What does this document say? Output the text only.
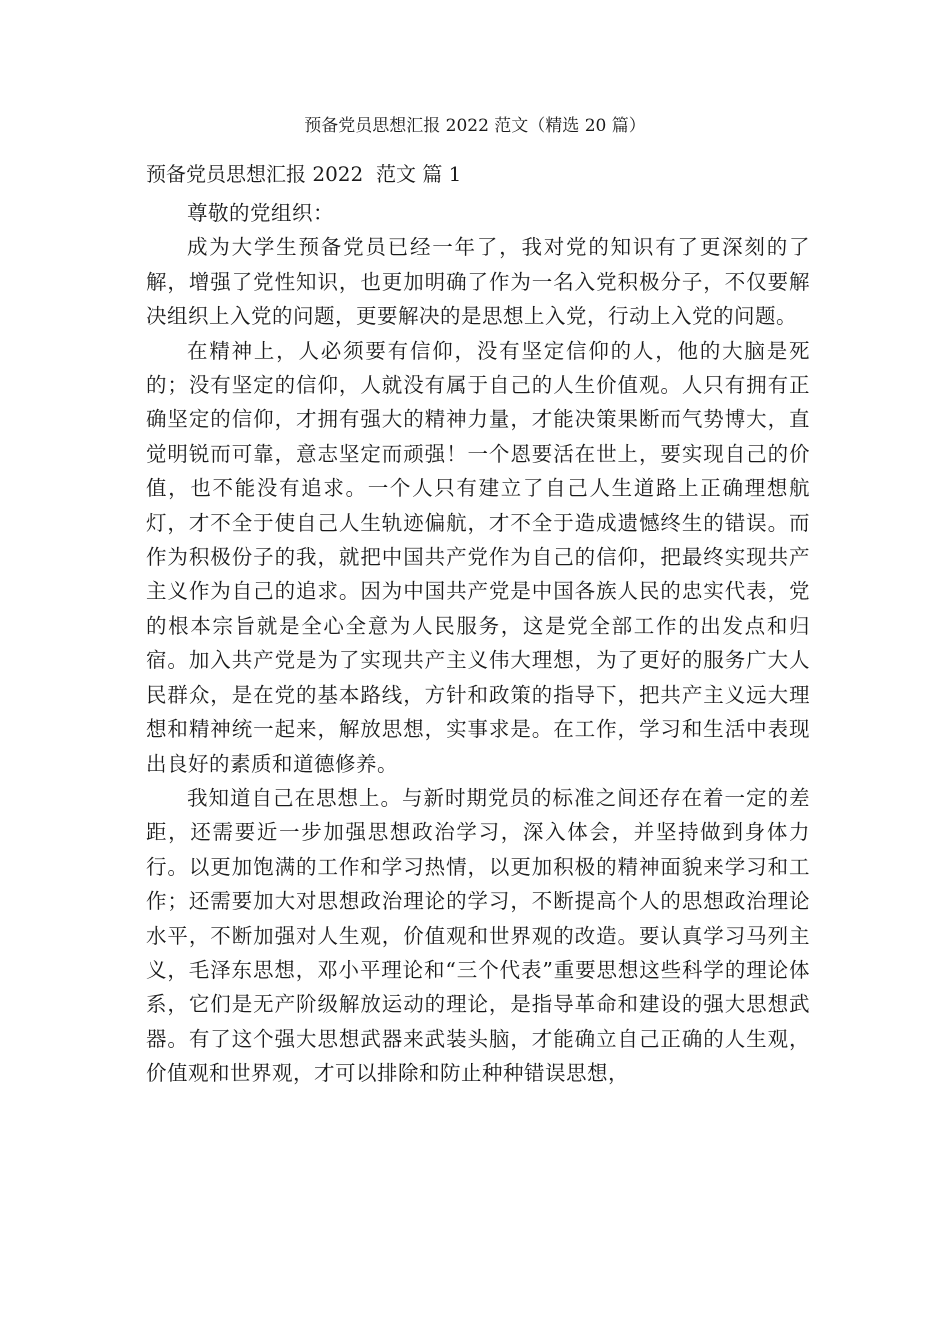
预备党员思想汇报 2022 范文（精选 20 篇）
预备党员思想汇报 2022  范文 篇 1

尊敬的党组织：

成为大学生预备党员已经一年了，我对党的知识有了更深刻的了解，增强了党性知识，也更加明确了作为一名入党积极分子，不仅要解决组织上入党的问题，更要解决的是思想上入党，行动上入党的问题。

在精神上，人必须要有信仰，没有坚定信仰的人，他的大脑是死的；没有坚定的信仰，人就没有属于自己的人生价值观。人只有拥有正确坚定的信仰，才拥有强大的精神力量，才能决策果断而气势博大，直觉明锐而可靠，意志坚定而顽强！一个恩要活在世上，要实现自己的价值，也不能没有追求。一个人只有建立了自己人生道路上正确理想航灯，才不全于使自己人生轨迹偏航，才不全于造成遗憾终生的错误。而作为积极份子的我，就把中国共产党作为自己的信仰，把最终实现共产主义作为自己的追求。因为中国共产党是中国各族人民的忠实代表，党的根本宗旨就是全心全意为人民服务，这是党全部工作的出发点和归宿。加入共产党是为了实现共产主义伟大理想，为了更好的服务广大人民群众，是在党的基本路线，方针和政策的指导下，把共产主义远大理想和精神统一起来，解放思想，实事求是。在工作，学习和生活中表现出良好的素质和道德修养。

我知道自己在思想上。与新时期党员的标准之间还存在着一定的差距，还需要近一步加强思想政治学习，深入体会，并坚持做到身体力行。以更加饱满的工作和学习热情，以更加积极的精神面貌来学习和工作；还需要加大对思想政治理论的学习，不断提高个人的思想政治理论水平，不断加强对人生观，价值观和世界观的改造。要认真学习马列主义，毛泽东思想，邓小平理论和“三个代表”重要思想这些科学的理论体系，它们是无产阶级解放运动的理论，是指导革命和建设的强大思想武器。有了这个强大思想武器来武装头脑，才能确立自己正确的人生观，价值观和世界观，才可以排除和防止种种错误思想，
